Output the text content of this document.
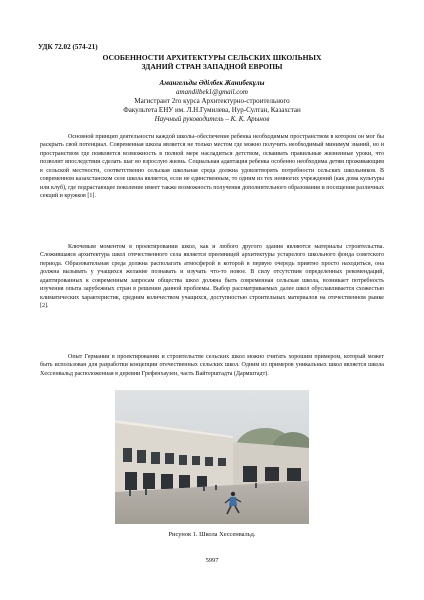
УДК 72.02 (574-21)
ОСОБЕННОСТИ АРХИТЕКТУРЫ СЕЛЬСКИХ ШКОЛЬНЫХ
ЗДАНИЙ СТРАН ЗАПАДНОЙ ЕВРОПЫ
Амангельды Әділбек Жанибекұлы
amandilbek1@gmail.com
Магистрант 2го курса Архитектурно-строительного
Факультета ЕНУ им. Л.Н.Гумилева, Нур-Султан, Казахстан
Научный руководитель – К. К. Арынов
Основной принцип деятельности каждой школы–обеспечение ребенка необходимым пространством в котором он мог бы раскрыть свой потенциал. Современная школа является не только местом где можно получить необходимый минимум знаний, но и пространством где появляется возможность в полной мере насладиться детством, осваивать правильные жизненные уроки, что позволит впоследствии сделать шаг во взрослую жизнь. Социальная адаптация ребенка особенно необходима детям проживающим в сельской местности, соответственно сельская школьная среда должна удовлетворять потребности сельских школьников. В современном казахстанском селе школа является, если не единственным, то одним из тех немногих учреждений (как дома культуры или клуб), где подрастающее поколение имеет также возможность получения дополнительного образования и посещения различных секций и кружков [1].
Ключевым моментом в проектировании школ, как и любого другого здания являются материалы строительства. Сложившаяся архитектура школ отечественного села является преемницей архитектуры устарелого школьного фонда советского периода. Образовательная среда должна располагать атмосферой в которой в первую очередь приятно просто находиться, она должна вызывать у учащихся желание познавать и изучать что-то новое. В силу отсутствия определенных рекомендаций, адаптированных к современным запросам общества школ должна быть современная сельская школа, возникает потребность изучения опыта зарубежных стран в решении данной проблемы. Выбор рассматриваемых далее школ обуславливается схожестью климатических характеристик, средним количеством учащихся, доступностью строительных материалов на отечественном рынке [2].
Опыт Германии в проектировании и строительстве сельских школ можно считать хорошим примером, который может быть использован для разработки концепции отечественных сельских школ. Одним из примеров уникальных школ является школа Хессенвальд расположенная в деревни Грефенхаузен, часть Вайтерштадта (Дармштадт).
Рисунок 1. Школа Хессенвальд.
5997
